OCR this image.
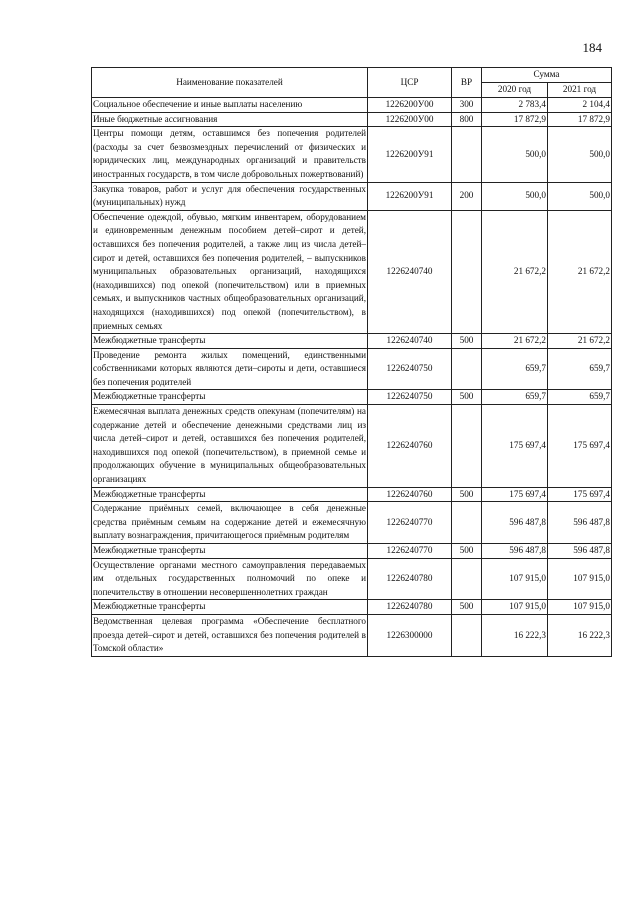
184
Наименование показателей	ЦСР	ВР	Сумма	
			2020 год	2021 год
Социальное обеспечение и иные выплаты населению	1226200У00	300	2 783,4	2 104,4
Иные бюджетные ассигнования	1226200У00	800	17 872,9	17 872,9
Центры помощи детям, оставшимся без попечения родителей (расходы за счет безвозмездных перечислений от физических и юридических лиц, международных организаций и правительств иностранных государств, в том числе добровольных пожертвований)	1226200У91		500,0	500,0
Закупка товаров, работ и услуг для обеспечения государственных (муниципальных) нужд	1226200У91	200	500,0	500,0
Обеспечение одеждой, обувью, мягким инвентарем, оборудованием и единовременным денежным пособием детей–сирот и детей, оставшихся без попечения родителей, а также лиц из числа детей–сирот и детей, оставшихся без попечения родителей, – выпускников муниципальных образовательных организаций, находящихся (находившихся) под опекой (попечительством) или в приемных семьях, и выпускников частных общеобразовательных организаций, находящихся (находившихся) под опекой (попечительством), в приемных семьях	1226240740		21 672,2	21 672,2
Межбюджетные трансферты	1226240740	500	21 672,2	21 672,2
Проведение ремонта жилых помещений, единственными собственниками которых являются дети–сироты и дети, оставшиеся без попечения родителей	1226240750		659,7	659,7
Межбюджетные трансферты	1226240750	500	659,7	659,7
Ежемесячная выплата денежных средств опекунам (попечителям) на содержание детей и обеспечение денежными средствами лиц из числа детей–сирот и детей, оставшихся без попечения родителей, находившихся под опекой (попечительством), в приемной семье и продолжающих обучение в муниципальных общеобразовательных организациях	1226240760		175 697,4	175 697,4
Межбюджетные трансферты	1226240760	500	175 697,4	175 697,4
Содержание приёмных семей, включающее в себя денежные средства приёмным семьям на содержание детей и ежемесячную выплату вознаграждения, причитающегося приёмным родителям	1226240770		596 487,8	596 487,8
Межбюджетные трансферты	1226240770	500	596 487,8	596 487,8
Осуществление органами местного самоуправления передаваемых им отдельных государственных полномочий по опеке и попечительству в отношении несовершеннолетних граждан	1226240780		107 915,0	107 915,0
Межбюджетные трансферты	1226240780	500	107 915,0	107 915,0
Ведомственная целевая программа «Обеспечение бесплатного проезда детей–сирот и детей, оставшихся без попечения родителей в Томской области»	1226300000		16 222,3	16 222,3
